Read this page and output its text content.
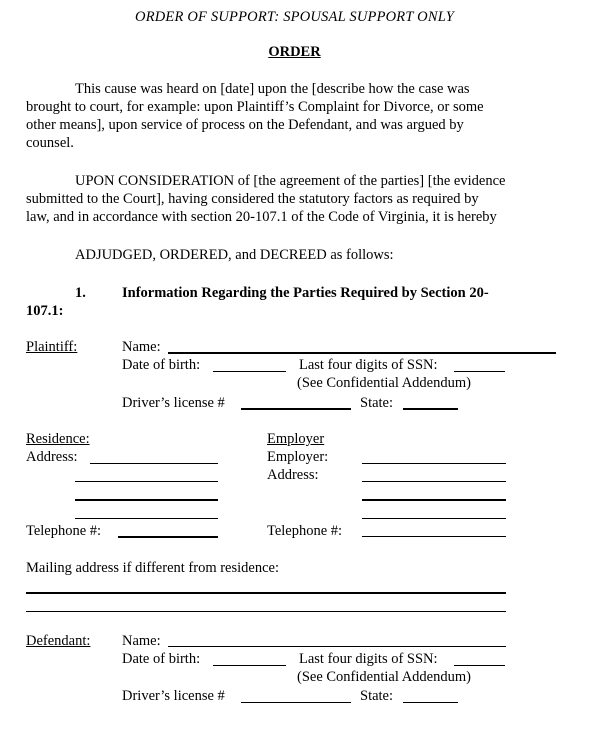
ORDER OF SUPPORT: SPOUSAL SUPPORT ONLY
ORDER

This cause was heard on [date] upon the [describe how the case was

brought to court, for example: upon Plaintiff’s Complaint for Divorce, or some

other means], upon service of process on the Defendant, and was argued by

counsel.

UPON CONSIDERATION of [the agreement of the parties] [the evidence

submitted to the Court], having considered the statutory factors as required by

law, and in accordance with section 20-107.1 of the Code of Virginia, it is hereby

ADJUDGED, ORDERED, and DECREED as follows:
1. Information Regarding the Parties Required by Section 20-
107.1:
Plaintiff:	Name:
Date of birth:	Last four digits of SSN:
(See Confidential Addendum)
Driver’s license #	State:
Residence:	Employer
Address:	Employer:
Address:
Telephone #:	Telephone #:
Mailing address if different from residence:
Defendant: Name:
Date of birth:	Last four digits of SSN:
(See Confidential Addendum)
Driver’s license #	State:
